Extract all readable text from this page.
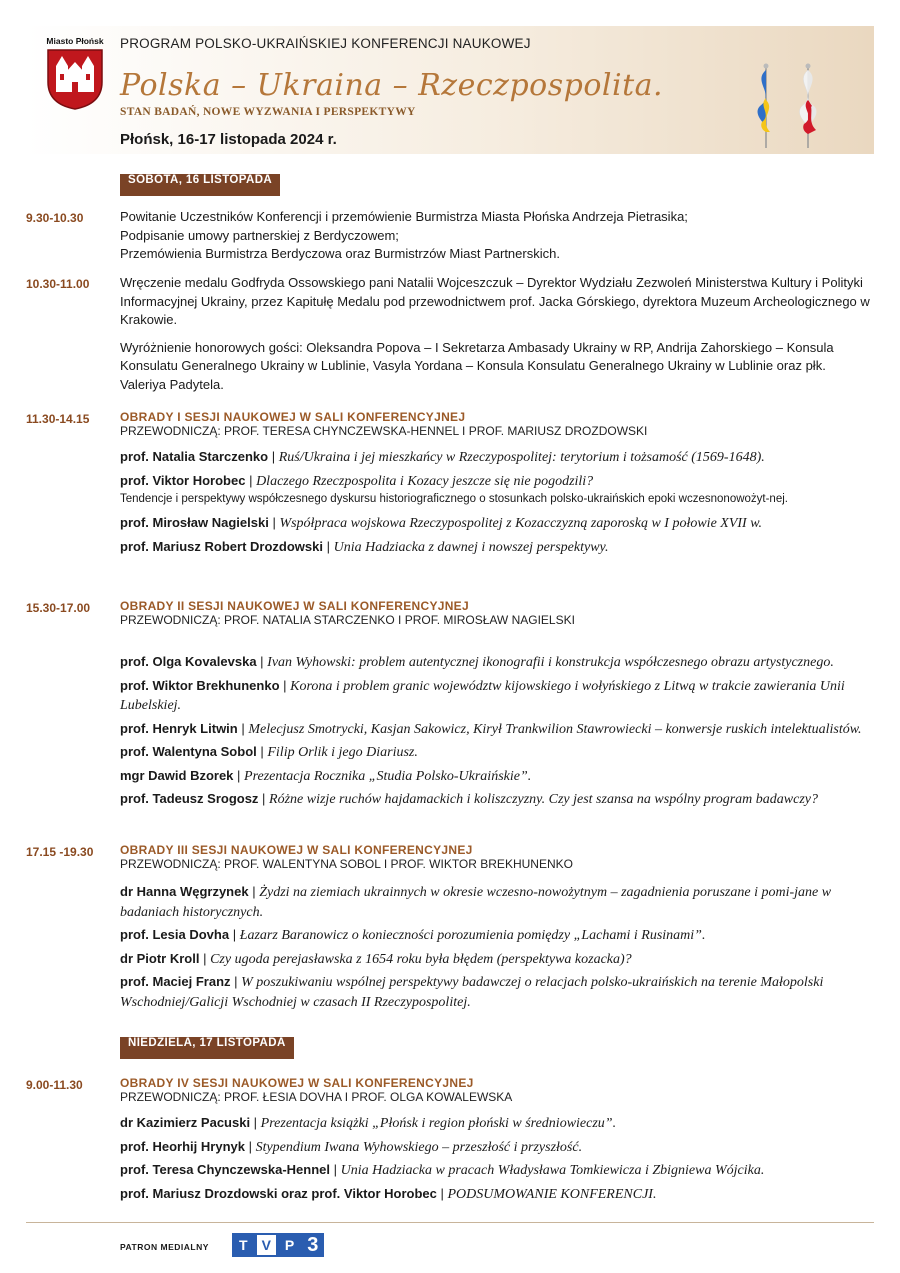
Miasto Płońsk PROGRAM POLSKO-UKRAIŃSKIEJ KONFERENCJI NAUKOWEJ
Polska – Ukraina – Rzeczpospolita.
STAN BADAŃ, NOWE WYZWANIA I PERSPEKTYWY
Płońsk, 16-17 listopada 2024 r.
SOBOTA, 16 LISTOPADA
9.30-10.30	Powitanie Uczestników Konferencji i przemówienie Burmistrza Miasta Płońska Andrzeja Pietrasika;

Podpisanie umowy partnerskiej z Berdyczowem;

Przemówienia Burmistrza Berdyczowa oraz Burmistrzów Miast Partnerskich.

10.30-11.00 Wręczenie medalu Godfryda Ossowskiego pani Natalii Wojceszczuk – Dyrektor Wydziału Zezwoleń Ministerstwa Kultury i Polityki Informacyjnej Ukrainy, przez Kapitułę Medalu pod przewodnictwem prof. Jacka Górskiego, dyrektora Muzeum Archeologicznego w Krakowie.

Wyróżnienie honorowych gości: Oleksandra Popova – I Sekretarza Ambasady Ukrainy w RP, Andrija Zahorskiego – Konsula Konsulatu Generalnego Ukrainy w Lublinie, Vasyla Yordana – Konsula Konsulatu Generalnego Ukrainy w Lublinie oraz płk. Valeriya Padytela.

11.30-14.15	OBRADY I SESJI NAUKOWEJ W SALI KONFERENCYJNEJ
PRZEWODNICZĄ: PROF. TERESA CHYNCZEWSKA-HENNEL I PROF. MARIUSZ DROZDOWSKI

prof. Natalia Starczenko | Ruś/Ukraina i jej mieszkańcy w Rzeczypospolitej: terytorium i tożsamość (1569-1648).

prof. Viktor Horobec | Dlaczego Rzeczpospolita i Kozacy jeszcze się nie pogodzili?

Tendencje i perspektywy współczesnego dyskursu historiograficznego o stosunkach polsko-ukraińskich epoki wczesnonowożyt-nej.

prof. Mirosław Nagielski | Współpraca wojskowa Rzeczypospolitej z Kozacczyzną zaporoską w I połowie XVII w.

prof. Mariusz Robert Drozdowski | Unia Hadziacka z dawnej i nowszej perspektywy.

15.30-17.00 OBRADY II SESJI NAUKOWEJ W SALI KONFERENCYJNEJ
PRZEWODNICZĄ: PROF. NATALIA STARCZENKO I PROF. MIROSŁAW NAGIELSKI

prof. Olga Kovalevska | Ivan Wyhowski: problem autentycznej ikonografii i konstrukcja współczesnego obrazu artystycznego.

prof. Wiktor Brekhunenko | Korona i problem granic województw kijowskiego i wołyńskiego z Litwą w trakcie zawierania Unii Lubelskiej.

prof. Henryk Litwin | Melecjusz Smotrycki, Kasjan Sakowicz, Kirył Trankwilion Stawrowiecki – konwersje ruskich intelektualistów.

prof. Walentyna Sobol | Filip Orlik i jego Diariusz.

mgr Dawid Bzorek | Prezentacja Rocznika „Studia Polsko-Ukraińskie”.

prof. Tadeusz Srogosz | Różne wizje ruchów hajdamackich i koliszczyzny. Czy jest szansa na wspólny program badawczy?

17.15 -19.30 OBRADY III SESJI NAUKOWEJ W SALI KONFERENCYJNEJ
PRZEWODNICZĄ: PROF. WALENTYNA SOBOL I PROF. WIKTOR BREKHUNENKO

dr Hanna Węgrzynek | Żydzi na ziemiach ukrainnych w okresie wczesno-nowożytnym – zagadnienia poruszane i pomi-jane w badaniach historycznych.

prof. Lesia Dovha | Łazarz Baranowicz o konieczności porozumienia pomiędzy „Lachami i Rusinami”.

dr Piotr Kroll | Czy ugoda perejasławska z 1654 roku była błędem (perspektywa kozacka)?

prof. Maciej Franz | W poszukiwaniu wspólnej perspektywy badawczej o relacjach polsko-ukraińskich na terenie Małopolski Wschodniej/Galicji Wschodniej w czasach II Rzeczypospolitej.

NIEDZIELA, 17 LISTOPADA
9.00-11.30	OBRADY IV SESJI NAUKOWEJ W SALI KONFERENCYJNEJ
PRZEWODNICZĄ: PROF. ŁESIA DOVHA I PROF. OLGA KOWALEWSKA

dr Kazimierz Pacuski | Prezentacja książki „Płońsk i region płoński w średniowieczu”.

prof. Heorhij Hrynyk | Stypendium Iwana Wyhowskiego – przeszłość i przyszłość.

prof. Teresa Chynczewska-Hennel | Unia Hadziacka w pracach Władysława Tomkiewicza i Zbigniewa Wójcika.

prof. Mariusz Drozdowski oraz prof. Viktor Horobec | PODSUMOWANIE KONFERENCJI.

PATRON MEDIALNY	T	V	P 3
